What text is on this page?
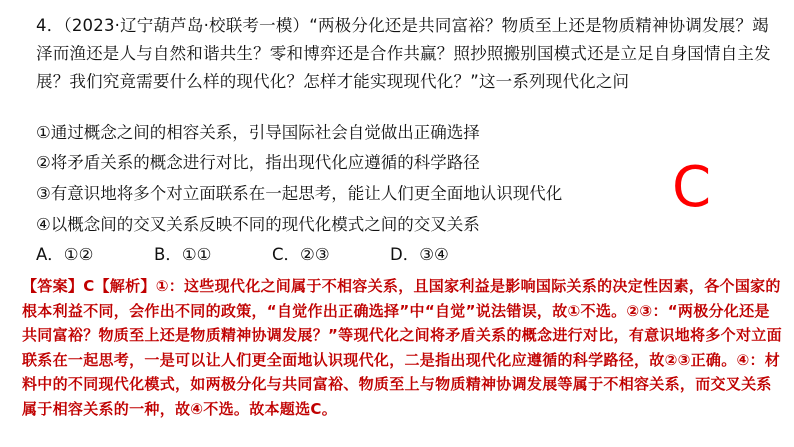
4．（2023·辽宁葫芦岛·校联考一模）“两极分化还是共同富裕？物质至上还是物质精神协调发展？竭泽而渔还是人与自然和谐共生？零和博弈还是合作共赢？照抄照搬别国模式还是立足自身国情自主发展？我们究竟需要什么样的现代化？怎样才能实现现代化？”这一系列现代化之问
①通过概念之间的相容关系，引导国际社会自觉做出正确选择
②将矛盾关系的概念进行对比，指出现代化应遵循的科学路径
③有意识地将多个对立面联系在一起思考，能让人们更全面地认识现代化
④以概念间的交叉关系反映不同的现代化模式之间的交叉关系
A．①②	B．①①	C．②③	D．③④
C
【答案】C【解析】①：这些现代化之间属于不相容关系，且国家利益是影响国际关系的决定性因素，各个国家的根本利益不同，会作出不同的政策，“自觉作出正确选择”中“自觉”说法错误，故①不选。②③：“两极分化还是共同富裕？物质至上还是物质精神协调发展？”等现代化之间将矛盾关系的概念进行对比，有意识地将多个对立面联系在一起思考，一是可以让人们更全面地认识现代化，二是指出现代化应遵循的科学路径，故②③正确。④：材料中的不同现代化模式，如两极分化与共同富裕、物质至上与物质精神协调发展等属于不相容关系，而交叉关系属于相容关系的一种，故④不选。故本题选C。
